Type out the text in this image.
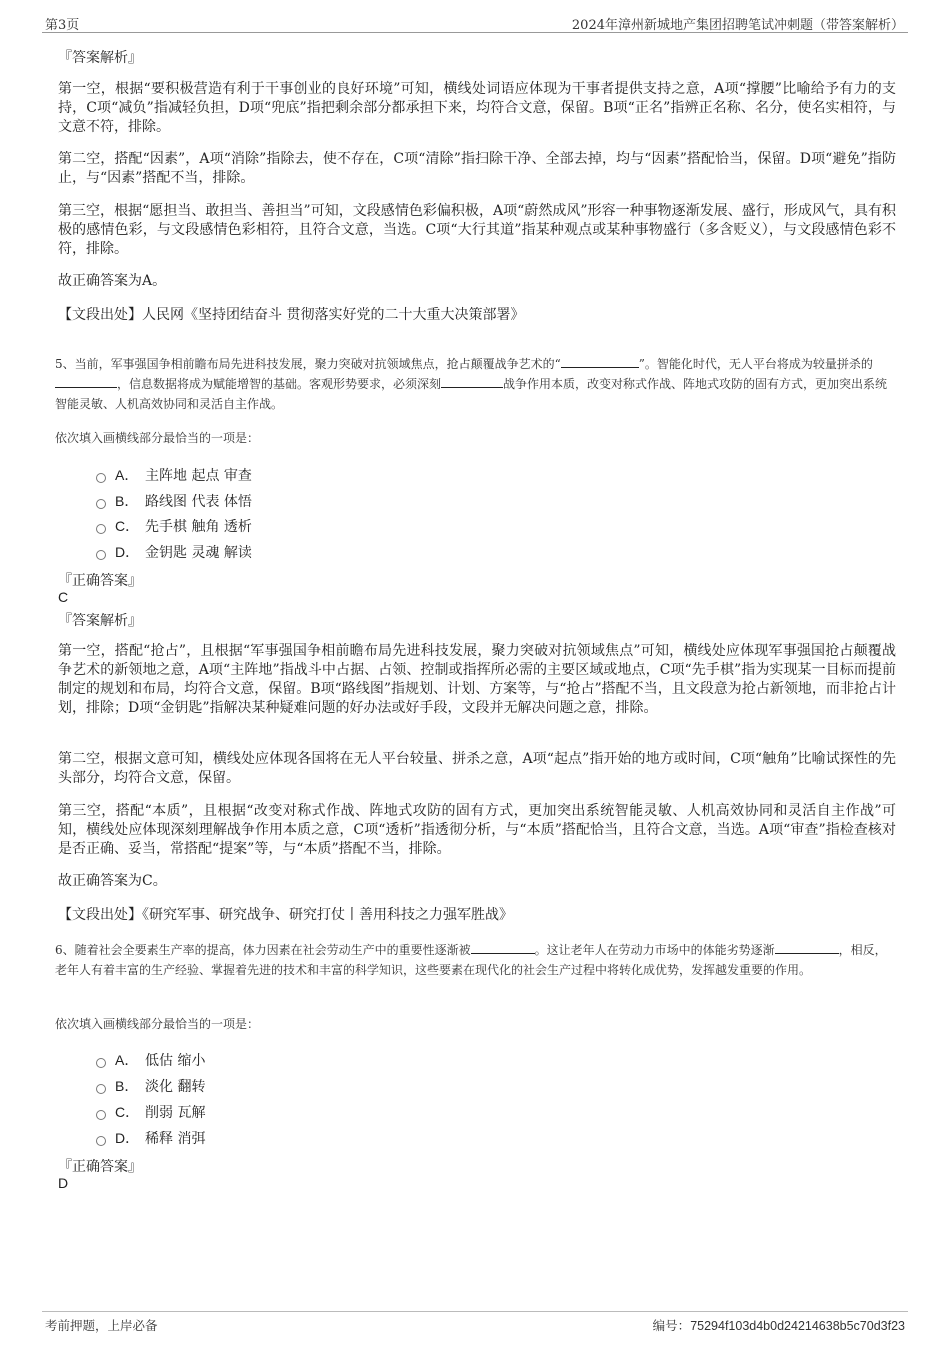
第3页	2024年漳州新城地产集团招聘笔试冲刺题（带答案解析）
『答案解析』

第一空，根据“要积极营造有利于干事创业的良好环境”可知，横线处词语应体现为干事者提供支持之意，A项“撑腰”比喻给予有力的支持，C项“减负”指减轻负担，D项“兜底”指把剩余部分都承担下来，均符合文意，保留。B项“正名”指辨正名称、名分，使名实相符，与文意不符，排除。

第二空，搭配“因素”，A项“消除”指除去，使不存在，C项“清除”指扫除干净、全部去掉，均与“因素”搭配恰当，保留。D项“避免”指防止，与“因素”搭配不当，排除。

第三空，根据“愿担当、敢担当、善担当”可知，文段感情色彩偏积极，A项“蔚然成风”形容一种事物逐渐发展、盛行，形成风气，具有积极的感情色彩，与文段感情色彩相符，且符合文意，当选。C项“大行其道”指某种观点或某种事物盛行（多含贬义），与文段感情色彩不符，排除。

故正确答案为A。

【文段出处】人民网《坚持团结奋斗 贯彻落实好党的二十大重大决策部署》

5、当前，军事强国争相前瞻布局先进科技发展，聚力突破对抗领域焦点，抢占颠覆战争艺术的“	”。智能化时代，无人平台将成为较量拼杀的，信息数据将成为赋能增智的基础。客观形势要求，必须深刻	战争作用本质，改变对称式作战、阵地式攻防的固有方式，更加突出系统智能灵敏、人机高效协同和灵活自主作战。

依次填入画横线部分最恰当的一项是：

A． 主阵地 起点 审查
B． 路线图 代表 体悟
C． 先手棋 触角 透析
D． 金钥匙 灵魂 解读
『正确答案』
C
『答案解析』

第一空，搭配“抢占”，且根据“军事强国争相前瞻布局先进科技发展，聚力突破对抗领域焦点”可知，横线处应体现军事强国抢占颠覆战争艺术的新领地之意，A项“主阵地”指战斗中占据、占领、控制或指挥所必需的主要区域或地点，C项“先手棋”指为实现某一目标而提前制定的规划和布局，均符合文意，保留。B项“路线图”指规划、计划、方案等，与“抢占”搭配不当，且文段意为抢占新领地，而非抢占计划，排除；D项“金钥匙”指解决某种疑难问题的好办法或好手段，文段并无解决问题之意，排除。

第二空，根据文意可知，横线处应体现各国将在无人平台较量、拼杀之意，A项“起点”指开始的地方或时间，C项“触角”比喻试探性的先头部分，均符合文意，保留。

第三空，搭配“本质”，且根据“改变对称式作战、阵地式攻防的固有方式，更加突出系统智能灵敏、人机高效协同和灵活自主作战”可知，横线处应体现深刻理解战争作用本质之意，C项“透析”指透彻分析，与“本质”搭配恰当，且符合文意，当选。A项“审查”指检查核对是否正确、妥当，常搭配“提案”等，与“本质”搭配不当，排除。

故正确答案为C。

【文段出处】《研究军事、研究战争、研究打仗丨善用科技之力强军胜战》

6、随着社会全要素生产率的提高，体力因素在社会劳动生产中的重要性逐渐被	。这让老年人在劳动力市场中的体能劣势逐渐	，相反，老年人有着丰富的生产经验、掌握着先进的技术和丰富的科学知识，这些要素在现代化的社会生产过程中将转化成优势，发挥越发重要的作用。

依次填入画横线部分最恰当的一项是：

A． 低估 缩小
B． 淡化 翻转
C． 削弱 瓦解
D． 稀释 消弭
『正确答案』
D
考前押题，上岸必备	编号：75294f103d4b0d24214638b5c70d3f23
